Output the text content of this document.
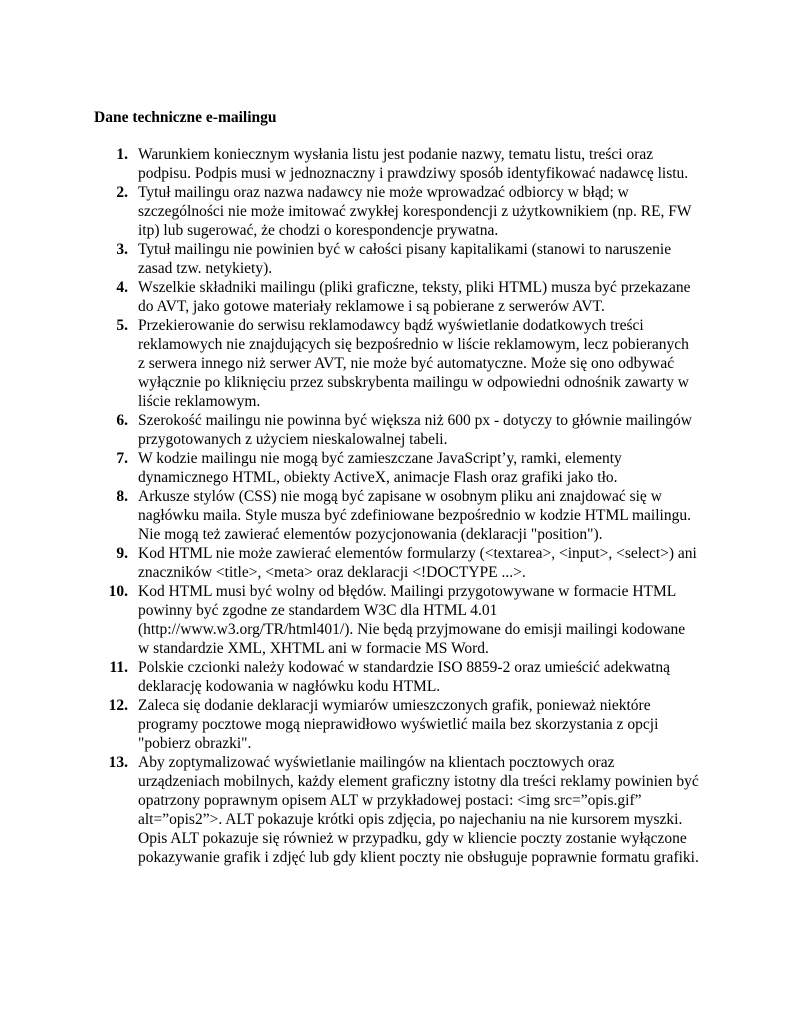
Dane techniczne e-mailingu
1. Warunkiem koniecznym wysłania listu jest podanie nazwy, tematu listu, treści oraz
podpisu. Podpis musi w jednoznaczny i prawdziwy sposób identyfikować nadawcę listu.
2. Tytuł mailingu oraz nazwa nadawcy nie może wprowadzać odbiorcy w błąd; w
szczególności nie może imitować zwykłej korespondencji z użytkownikiem (np. RE, FW
itp) lub sugerować, że chodzi o korespondencje prywatna.
3. Tytuł mailingu nie powinien być w całości pisany kapitalikami (stanowi to naruszenie
zasad tzw. netykiety).
4. Wszelkie składniki mailingu (pliki graficzne, teksty, pliki HTML) musza być przekazane
do AVT, jako gotowe materiały reklamowe i są pobierane z serwerów AVT.
5. Przekierowanie do serwisu reklamodawcy bądź wyświetlanie dodatkowych treści
reklamowych nie znajdujących się bezpośrednio w liście reklamowym, lecz pobieranych
z serwera innego niż serwer AVT, nie może być automatyczne. Może się ono odbywać
wyłącznie po kliknięciu przez subskrybenta mailingu w odpowiedni odnośnik zawarty w
liście reklamowym.
6. Szerokość mailingu nie powinna być większa niż 600 px - dotyczy to głównie mailingów
przygotowanych z użyciem nieskalowalnej tabeli.
7. W kodzie mailingu nie mogą być zamieszczane JavaScript’y, ramki, elementy
dynamicznego HTML, obiekty ActiveX, animacje Flash oraz grafiki jako tło.
8. Arkusze stylów (CSS) nie mogą być zapisane w osobnym pliku ani znajdować się w
nagłówku maila. Style musza być zdefiniowane bezpośrednio w kodzie HTML mailingu.
Nie mogą też zawierać elementów pozycjonowania (deklaracji "position").
9. Kod HTML nie może zawierać elementów formularzy (<textarea>, <input>, <select>) ani
znaczników <title>, <meta> oraz deklaracji <!DOCTYPE ...>.
10. Kod HTML musi być wolny od błędów. Mailingi przygotowywane w formacie HTML
powinny być zgodne ze standardem W3C dla HTML 4.01
(http://www.w3.org/TR/html401/). Nie będą przyjmowane do emisji mailingi kodowane
w standardzie XML, XHTML ani w formacie MS Word.
11. Polskie czcionki należy kodować w standardzie ISO 8859-2 oraz umieścić adekwatną
deklarację kodowania w nagłówku kodu HTML.
12. Zaleca się dodanie deklaracji wymiarów umieszczonych grafik, ponieważ niektóre
programy pocztowe mogą nieprawidłowo wyświetlić maila bez skorzystania z opcji
"pobierz obrazki".
13. Aby zoptymalizować wyświetlanie mailingów na klientach pocztowych oraz
urządzeniach mobilnych, każdy element graficzny istotny dla treści reklamy powinien być
opatrzony poprawnym opisem ALT w przykładowej postaci: <img src=”opis.gif”
alt=”opis2”>. ALT pokazuje krótki opis zdjęcia, po najechaniu na nie kursorem myszki.
Opis ALT pokazuje się również w przypadku, gdy w kliencie poczty zostanie wyłączone
pokazywanie grafik i zdjęć lub gdy klient poczty nie obsługuje poprawnie formatu grafiki.
